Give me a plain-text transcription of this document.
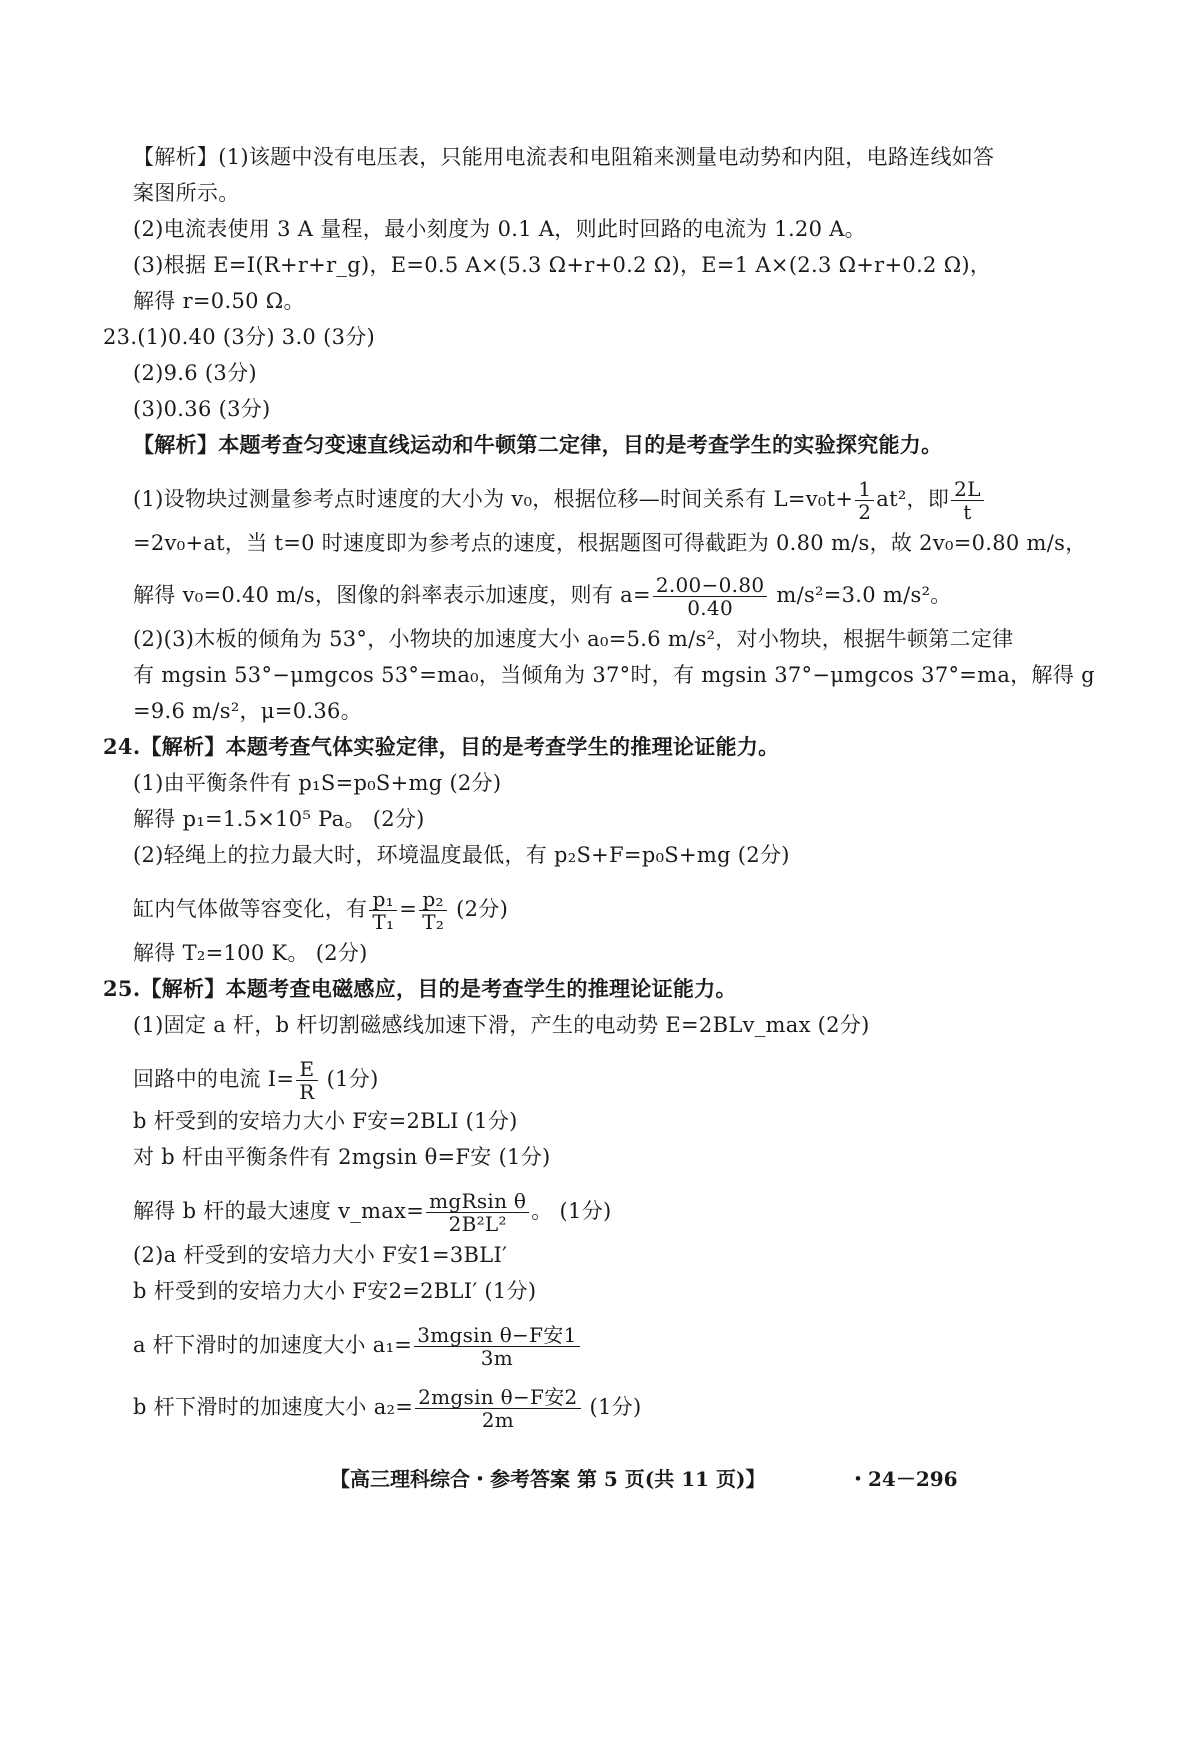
【解析】(1)该题中没有电压表，只能用电流表和电阻箱来测量电动势和内阻，电路连线如答
案图所示。
(2)电流表使用 3 A 量程，最小刻度为 0.1 A，则此时回路的电流为 1.20 A。
(3)根据 E=I(R+r+r_g)，E=0.5 A×(5.3 Ω+r+0.2 Ω)，E=1 A×(2.3 Ω+r+0.2 Ω)，
解得 r=0.50 Ω。
23.(1)0.40 (3分) 3.0 (3分)
(2)9.6 (3分)
(3)0.36 (3分)
【解析】本题考查匀变速直线运动和牛顿第二定律，目的是考查学生的实验探究能力。
(1)设物块过测量参考点时速度的大小为 v₀，根据位移—时间关系有 $L=v_0t+ \frac{1}{2} at^2$，即 $\frac{2L}{t}$
=2v₀+at，当 t=0 时速度即为参考点的速度，根据题图可得截距为 0.80 m/s，故 2v₀=0.80 m/s，
解得 v₀=0.40 m/s，图像的斜率表示加速度，则有 $a= \frac{2.00-0.80}{0.40} m/s^2=3.0$ m/s²。
(2)(3)木板的倾角为 53°，小物块的加速度大小 a₀=5.6 m/s²，对小物块，根据牛顿第二定律
有 mgsin 53°−μmgcos 53°=ma₀，当倾角为 37°时，有 mgsin 37°−μmgcos 37°=ma，解得 g
=9.6 m/s²，μ=0.36。
24.【解析】本题考查气体实验定律，目的是考查学生的推理论证能力。
(1)由平衡条件有 p₁S=p₀S+mg (2分)
解得 p₁=1.5×10⁵ Pa。 (2分)
(2)轻绳上的拉力最大时，环境温度最低，有 p₂S+F=p₀S+mg (2分)
缸内气体做等容变化，有 $\frac{\text{p₁}}{\text{T₁}} = \frac{\text{p₂}}{\text{T₂}} (2$分)
解得 T₂=100 K。 (2分)
25.【解析】本题考查电磁感应，目的是考查学生的推理论证能力。
(1)固定 a 杆，b 杆切割磁感线加速下滑，产生的电动势 E=2BLv_max (2分)
回路中的电流 $I= \frac{E}{R} (1$分)
b 杆受到的安培力大小 F安=2BLI (1分)
对 b 杆由平衡条件有 2mgsin θ=F安 (1分)
解得 b 杆的最大速度 v_max= $\frac{\text{mgRsin θ}}{\text{2B²L²}}$ 。 (1分)
(2)a 杆受到的安培力大小 F安1=3BLI′
b 杆受到的安培力大小 F安2=2BLI′ (1分)
a 杆下滑时的加速度大小 $a_1= \frac{\text{3mgsin θ−F安1}}{3m}$
b 杆下滑时的加速度大小 $a_2= \frac{\text{2mgsin θ−F安2}}{2m} (1$分)
【高三理科综合・参考答案 第 5 页(共 11 页)】	・24－296
